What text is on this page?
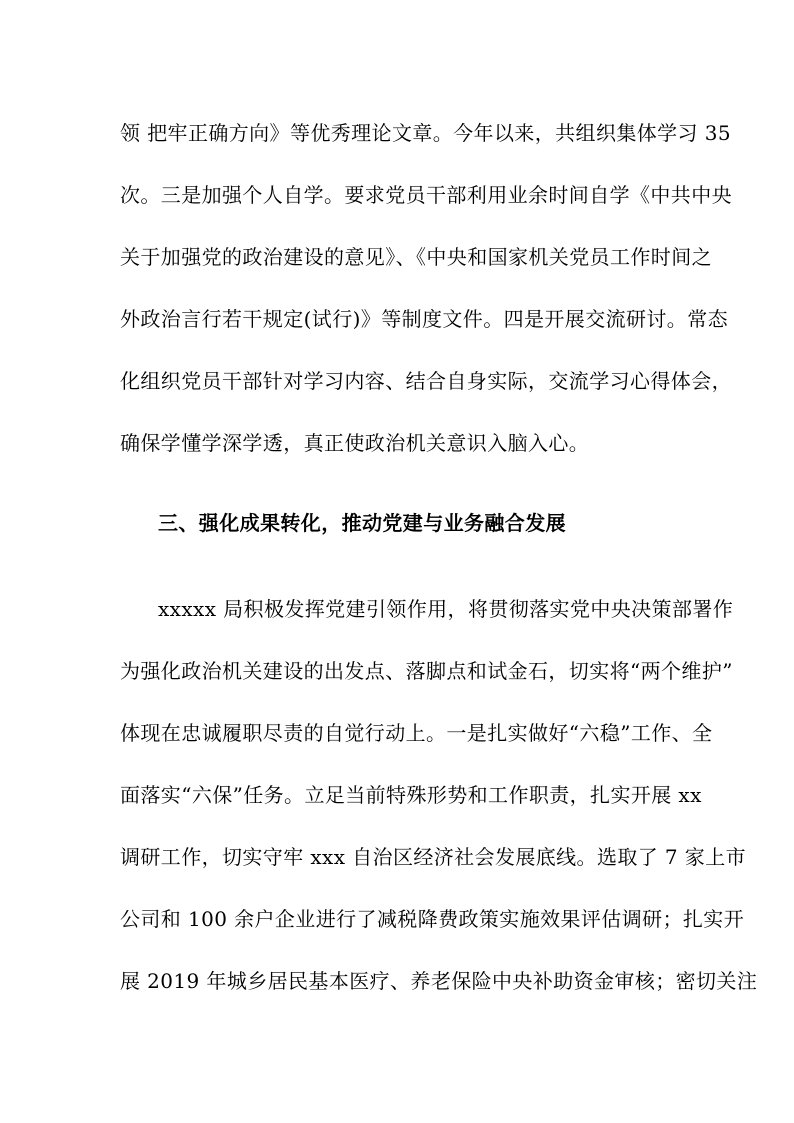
领 把牢正确方向》等优秀理论文章。今年以来，共组织集体学习 35
次。三是加强个人自学。要求党员干部利用业余时间自学《中共中央
关于加强党的政治建设的意见》、《中央和国家机关党员工作时间之
外政治言行若干规定(试行)》等制度文件。四是开展交流研讨。常态
化组织党员干部针对学习内容、结合自身实际，交流学习心得体会，
确保学懂学深学透，真正使政治机关意识入脑入心。
三、强化成果转化，推动党建与业务融合发展
xxxxx 局积极发挥党建引领作用，将贯彻落实党中央决策部署作
为强化政治机关建设的出发点、落脚点和试金石，切实将“两个维护”
体现在忠诚履职尽责的自觉行动上。一是扎实做好“六稳”工作、全
面落实“六保”任务。立足当前特殊形势和工作职责，扎实开展 xx
调研工作，切实守牢 xxx 自治区经济社会发展底线。选取了 7 家上市
公司和 100 余户企业进行了减税降费政策实施效果评估调研；扎实开
展 2019 年城乡居民基本医疗、养老保险中央补助资金审核；密切关注
